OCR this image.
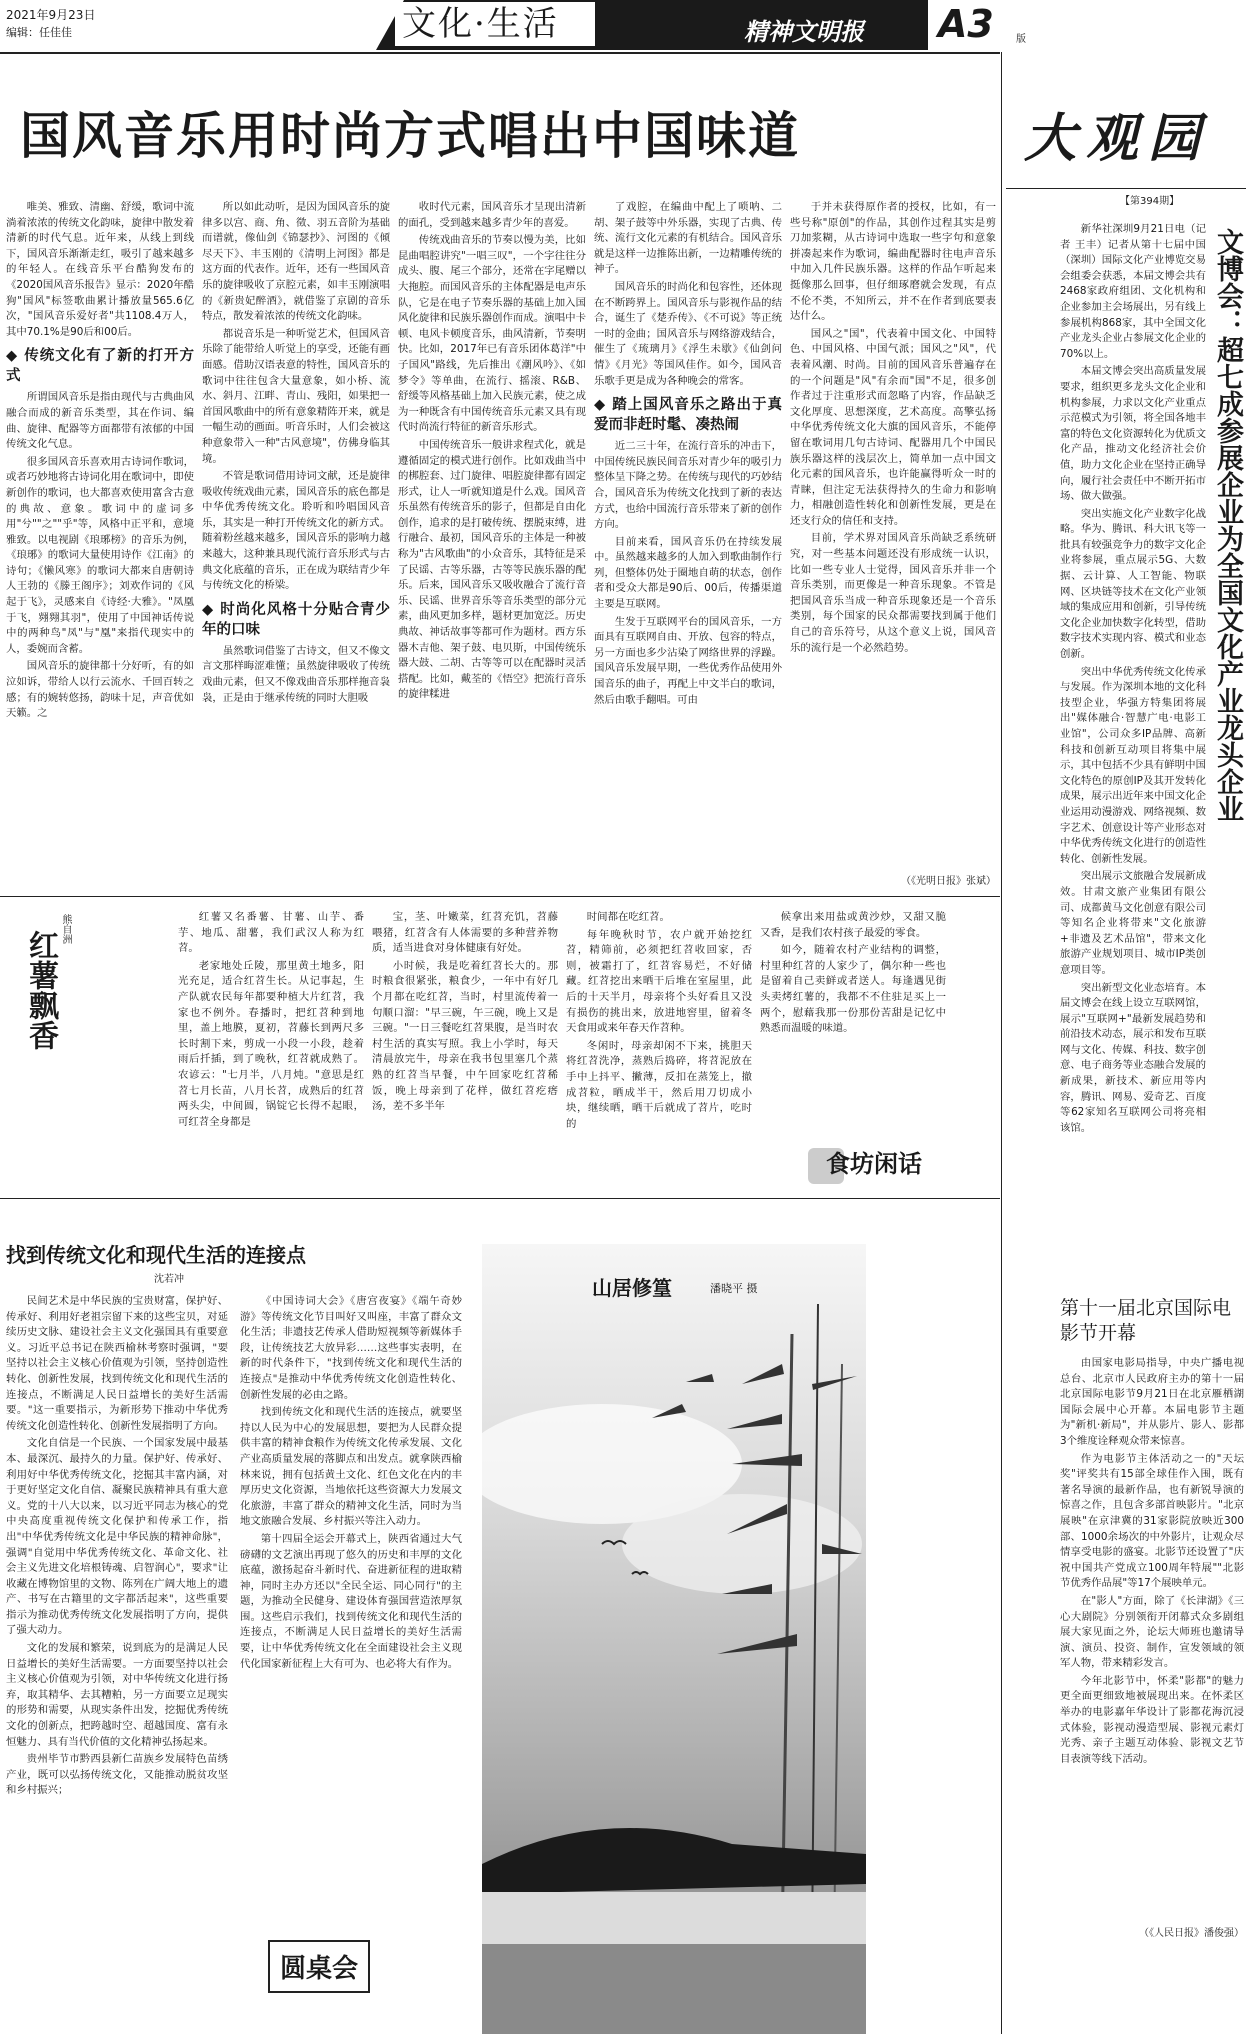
2021年9月23日
编辑：任佳佳	文化·生活	精神文明报 A3 版
大观园
【第394期】

新华社深圳9月21日电（记者 王丰）记者从第十七届中国（深圳）国际文化产业博览交易会组委会获悉，本届文博会共有2468家政府组团、文化机构和企业参加主会场展出，另有线上参展机构868家，其中全国文化产业龙头企业占参展文化企业的70%以上。

本届文博会突出高质量发展要求，组织更多龙头文化企业和机构参展，力求以文化产业重点示范模式为引领，将全国各地丰富的特色文化资源转化为优质文化产品，推动文化经济社会价值，助力文化企业在坚持正确导向，履行社会责任中不断开拓市场、做大做强。

突出实施文化产业数字化战略。华为、腾讯、科大讯飞等一批具有较强竞争力的数字文化企业将参展，重点展示5G、大数据、云计算、人工智能、物联网、区块链等技术在文化产业领域的集成应用和创新，引导传统文化企业加快数字化转型，借助数字技术实现内容、模式和业态创新。

突出中华优秀传统文化传承与发展。作为深圳本地的文化科技型企业，华强方特集团将展出"媒体融合·智慧广电·电影工业馆"，公司众多IP品牌、高新科技和创新互动项目将集中展示，其中包括不少具有鲜明中国文化特色的原创IP及其开发转化成果，展示出近年来中国文化企业运用动漫游戏、网络视频、数字艺术、创意设计等产业形态对中华优秀传统文化进行的创造性转化、创新性发展。

突出展示文旅融合发展新成效。甘肃文旅产业集团有限公司、成都黄马文化创意有限公司等知名企业将带来"文化旅游+非遗及艺术品馆"，带来文化旅游产业规划项目、城市IP类创意项目等。

突出新型文化业态培育。本届文博会在线上设立互联网馆，展示"互联网+"最新发展趋势和前沿技术动态，展示和发布互联网与文化、传媒、科技、数字创意、电子商务等业态融合发展的新成果，新技术、新应用等内容，腾讯、网易、爱奇艺、百度等62家知名互联网公司将亮相该馆。

文博会：超七成参展企业为全国文化产业龙头企业
第十一届北京国际电影节开幕

由国家电影局指导，中央广播电视总台、北京市人民政府主办的第十一届北京国际电影节9月21日在北京雁栖湖国际会展中心开幕。本届电影节主题为"新机·新局"，并从影片、影人、影都3个维度诠释观众带来惊喜。

作为电影节主体活动之一的"天坛奖"评奖共有15部全球佳作入围，既有著名导演的最新作品，也有新锐导演的惊喜之作，且包含多部首映影片。"北京展映"在京津冀的31家影院放映近300部、1000余场次的中外影片，让观众尽情享受电影的盛宴。北影节还设置了"庆祝中国共产党成立100周年特展""北影节优秀作品展"等17个展映单元。

在"影人"方面，除了《长津湖》《三心大剧院》分别领衔开闭幕式众多剧组展大家见面之外，论坛大师班也邀请导演、演员、投资、制作，宣发领域的领军人物，带来精彩发言。

今年北影节中，怀柔"影都"的魅力更全面更细致地被展现出来。在怀柔区举办的电影嘉年华设计了影都花海沉浸式体验，影视动漫造型展、影视元素灯光秀、亲子主题互动体验、影视文艺节目表演等线下活动。

（《人民日报》潘俊强）
国风音乐用时尚方式唱出中国味道

唯美、雅致、清幽、舒缓，歌词中流淌着浓浓的传统文化韵味，旋律中散发着清新的时代气息。近年来，从线上到线下，国风音乐渐渐走红，吸引了越来越多的年轻人。在线音乐平台酷狗发布的《2020国风音乐报告》显示：2020年酷狗"国风"标签歌曲累计播放量565.6亿次，"国风音乐爱好者"共1108.4万人，其中70.1%是90后和00后。

◆ 传统文化有了新的打开方式

所谓国风音乐是指由现代与古典曲风融合而成的新音乐类型，其在作词、编曲、旋律、配器等方面都带有浓郁的中国传统文化气息。

很多国风音乐喜欢用古诗词作歌词，或者巧妙地将古诗词化用在歌词中，即使新创作的歌词，也大都喜欢使用富含古意的典故、意象。歌词中的虚词多用"兮""之""乎"等，风格中正平和，意境雅致。以电视剧《琅琊榜》的音乐为例，《琅琊》的歌词大量使用诗作《江南》的诗句；《懒风寒》的歌词大都来自唐朝诗人王勃的《滕王阁序》；刘欢作词的《风起于飞》，灵感来自《诗经·大雅》。"凤凰于飞，翙翙其羽"，使用了中国神话传说中的两种鸟"凤"与"凰"来指代现实中的人，委婉而含蓄。

国风音乐的旋律都十分好听，有的如泣如诉，带给人以行云流水、千回百转之感；有的婉转悠扬，韵味十足，声音优如天籁。之

所以如此动听，是因为国风音乐的旋律多以宫、商、角、徵、羽五音阶为基础而谱就，像仙剑《锦瑟抄》、河图的《倾尽天下》、丰玉刚的《清明上河图》都是这方面的代表作。近年，还有一些国风音乐的旋律吸收了京腔元素，如丰玉刚演唱的《新贵妃醉酒》，就借鉴了京剧的音乐特点，散发着浓浓的传统文化韵味。

都说音乐是一种听觉艺术，但国风音乐除了能带给人听觉上的享受，还能有画面感。借助汉语表意的特性，国风音乐的歌词中往往包含大量意象，如小桥、流水、斜月、江畔、青山、残阳，如果把一首国风歌曲中的所有意象精阵开来，就是一幅生动的画面。听音乐时，人们会被这种意象带入一种"古风意境"，仿佛身临其境。

不管是歌词借用诗词文献，还是旋律吸收传统戏曲元素，国风音乐的底色都是中华优秀传统文化。聆听和吟唱国风音乐，其实是一种打开传统文化的新方式。随着粉丝越来越多，国风音乐的影响力越来越大，这种兼具现代流行音乐形式与古典文化底蕴的音乐，正在成为联结青少年与传统文化的桥梁。

◆ 时尚化风格十分贴合青少年的口味

虽然歌词借鉴了古诗文，但又不像文言文那样晦涩难懂；虽然旋律吸收了传统戏曲元素，但又不像戏曲音乐那样拖音袅袅，正是由于继承传统的同时大胆吸

收时代元素，国风音乐才呈现出清新的面孔，受到越来越多青少年的喜爱。

传统戏曲音乐的节奏以慢为美，比如昆曲唱腔讲究"一唱三叹"，一个字往往分成头、腹、尾三个部分，还常在字尾赠以大拖腔。而国风音乐的主体配器是电声乐队，它是在电子节奏乐器的基础上加入国风化旋律和民族乐器创作而成。演唱中卡顿、电风卡顿度音乐，曲风清新，节奏明快。比如，2017年已有音乐团体葛洋"中子国风"路线，先后推出《潮风吟》、《如梦令》等单曲，在流行、摇滚、R&B、舒缓等风格基础上加入民族元素，使之成为一种既含有中国传统音乐元素又具有现代时尚流行特征的新音乐形式。

中国传统音乐一般讲求程式化，就是遵循固定的模式进行创作。比如戏曲当中的梆腔套、过门旋律、唱腔旋律都有固定形式，让人一听就知道是什么戏。国风音乐虽然有传统音乐的影子，但都是自由化创作，追求的是打破传统、摆脱束缚，进行融合、最初，国风音乐的主体是一种被称为"古风歌曲"的小众音乐，其特征是采了民谣、古等乐器，古等等民族乐器的配乐。后来，国风音乐又吸收融合了流行音乐、民谣、世界音乐等音乐类型的部分元素，曲风更加多样，题材更加宽泛。历史典故、神话故事等都可作为题材。西方乐器木吉他、架子鼓、电贝斯，中国传统乐器大鼓、二胡、古等等可以在配器时灵活搭配。比如，戴荃的《悟空》把流行音乐的旋律糅进

了戏腔，在编曲中配上了唢呐、二胡、架子鼓等中外乐器，实现了古典、传统、流行文化元素的有机结合。国风音乐就是这样一边推陈出新，一边精雕传统的神子。

国风音乐的时尚化和包容性，还体现在不断跨界上。国风音乐与影视作品的结合，诞生了《楚乔传》、《不可说》等正统一时的金曲；国风音乐与网络游戏结合，催生了《琉璃月》《浮生未歇》《仙剑问情》《月光》等国风佳作。如今，国风音乐歌手更是成为各种晚会的常客。

◆ 踏上国风音乐之路出于真爱而非赶时髦、凑热闹

近二三十年，在流行音乐的冲击下，中国传统民族民间音乐对青少年的吸引力整体呈下降之势。在传统与现代的巧妙结合，国风音乐为传统文化找到了新的表达方式，也给中国流行音乐带来了新的创作方向。

目前来看，国风音乐仍在持续发展中。虽然越来越多的人加入到歌曲制作行列，但整体仍处于圈地自萌的状态，创作者和受众大都是90后、00后，传播渠道主要是互联网。

生发于互联网平台的国风音乐，一方面具有互联网自由、开放、包容的特点，另一方面也多少沾染了网络世界的浮躁。国风音乐发展早期，一些优秀作品使用外国音乐的曲子，再配上中文半白的歌词，然后由歌手翻唱。可由

于并未获得原作者的授权，比如，有一些号称"原创"的作品，其创作过程其实是剪刀加浆糊，从古诗词中选取一些字句和意象拼凑起来作为歌词，编曲配器时往电声音乐中加入几件民族乐器。这样的作品乍听起来挺像那么回事，但仔细琢磨就会发现，有点不伦不类，不知所云，并不在作者到底要表达什么。

国风之"国"，代表着中国文化、中国特色、中国风格、中国气派；国风之"风"，代表着风潮、时尚。目前的国风音乐普遍存在的一个问题是"风"有余而"国"不足，很多创作者过于注重形式而忽略了内容，作品缺乏文化厚度、思想深度，艺术高度。高擎弘扬中华优秀传统文化大旗的国风音乐，不能停留在歌词用几句古诗词、配器用几个中国民族乐器这样的浅层次上，简单加一点中国文化元素的国风音乐，也许能赢得听众一时的青睐，但注定无法获得持久的生命力和影响力，相融创造性转化和创新性发展，更是在还支行众的信任和支持。

目前，学术界对国风音乐尚缺乏系统研究，对一些基本问题还没有形成统一认识，比如一些专业人士觉得，国风音乐并非一个音乐类别，而更像是一种音乐现象。不管是把国风音乐当成一种音乐现象还是一个音乐类别，每个国家的民众都需要找到属于他们自己的音乐符号，从这个意义上说，国风音乐的流行是一个必然趋势。

（《光明日报》张斌）
熊自洲
红薯飘香

红薯又名番薯、甘薯、山芋、番芋、地瓜、甜薯，我们武汉人称为红苕。

老家地处丘陵，那里黄土地多，阳光充足，适合红苕生长。从记事起，生产队就农民每年都要种植大片红苕，我家也不例外。春播时，把红苕种到地里，盖上地膜，夏初，苕藤长到两尺多长时割下来，剪成一小段一小段，趁着雨后扦插，到了晚秋，红苕就成熟了。农谚云："七月半，八月炖。"意思是红苕七月长苗，八月长苕，成熟后的红苕两头尖，中间圆，锅锭它长得不起眼，可红苕全身都是

宝，茎、叶嫩菜，红苕充饥，苕藤喂猪，红苕含有人体需要的多种营养物质，适当进食对身体健康有好处。

小时候，我是吃着红苕长大的。那时粮食很紧张，粮食少，一年中有好几个月都在吃红苕，当时，村里流传着一句顺口溜："早三碗，午三碗，晚上又是三碗。"一日三餐吃红苕果腹，是当时农村生活的真实写照。我上小学时，每天清晨放完牛，母亲在我书包里塞几个蒸熟的红苕当早餐，中午回家吃红苕稀饭，晚上母亲到了花样，做红苕疙瘩汤，差不多半年

时间都在吃红苕。

每年晚秋时节，农户就开始挖红苕，精筛前，必须把红苕收回家，否则，被霜打了，红苕容易烂，不好储藏。红苕挖出来晒干后堆在室屋里，此后的十天半月，母亲将个头好看且又没有损伤的挑出来，放进地窖里，留着冬天食用或来年春天作苕种。

冬闲时，母亲却闲不下来，挑胆天将红苕洗净，蒸熟后捣碎，将苕泥放在手中上抖平、撇薄，反扣在蒸笼上，撤成苕粒，晒成半干，然后用刀切成小块，继续晒，晒干后就成了苕片，吃时的

候拿出来用盐或黄沙炒，又甜又脆又香，是我们农村孩子最爱的零食。

如今，随着农村产业结构的调整，村里种红苕的人家少了，偶尔种一些也是留着自己卖鲜或者送人。每逢遇见街头卖烤红薯的，我都不不住驻足买上一两个，慰藉我那一份那份苦甜是记忆中熟悉而温暖的味道。

食坊闲话
找到传统文化和现代生活的连接点
沈若冲

民间艺术是中华民族的宝贵财富，保护好、传承好、利用好老祖宗留下来的这些宝贝，对延续历史文脉、建设社会主义文化强国具有重要意义。习近平总书记在陕西榆林考察时强调，"要坚持以社会主义核心价值观为引领，坚持创造性转化、创新性发展，找到传统文化和现代生活的连接点，不断满足人民日益增长的美好生活需要。"这一重要指示，为新形势下推动中华优秀传统文化创造性转化、创新性发展指明了方向。

文化自信是一个民族、一个国家发展中最基本、最深沉、最持久的力量。保护好、传承好、利用好中华优秀传统文化，挖掘其丰富内涵，对于更好坚定文化自信、凝聚民族精神具有重大意义。党的十八大以来，以习近平同志为核心的党中央高度重视传统文化保护和传承工作，指出"中华优秀传统文化是中华民族的精神命脉"，强调"自觉用中华优秀传统文化、革命文化、社会主义先进文化培根铸魂、启智润心"，要求"让收藏在博物馆里的文物、陈列在广阔大地上的遗产、书写在古籍里的文字都活起来"，这些重要指示为推动优秀传统文化发展指明了方向，提供了强大动力。

文化的发展和繁荣，说到底为的是满足人民日益增长的美好生活需要。一方面要坚持以社会主义核心价值观为引领，对中华传统文化进行扬弃，取其精华、去其糟粕，另一方面要立足现实的形势和需要，从现实条件出发，挖掘优秀传统文化的创新点，把跨越时空、超越国度、富有永恒魅力、具有当代价值的文化精神弘扬起来。

贵州毕节市黔西县新仁苗族乡发展特色苗绣产业，既可以弘扬传统文化，又能推动脱贫攻坚和乡村振兴；

《中国诗词大会》《唐宫夜宴》《端午奇妙游》等传统文化节目叫好又叫座，丰富了群众文化生活；非遗技艺传承人借助短视频等新媒体手段，让传统技艺大放异彩……这些事实表明，在新的时代条件下，"找到传统文化和现代生活的连接点"是推动中华优秀传统文化创造性转化、创新性发展的必由之路。

找到传统文化和现代生活的连接点，就要坚持以人民为中心的发展思想，要把为人民群众提供丰富的精神食粮作为传统文化传承发展、文化产业高质量发展的落脚点和出发点。就拿陕西榆林来说，拥有包括黄土文化、红色文化在内的丰厚历史文化资源，当地依托这些资源大力发展文化旅游，丰富了群众的精神文化生活，同时为当地文旅融合发展、乡村振兴等注入动力。

第十四届全运会开幕式上，陕西省通过大气磅礴的文艺演出再现了悠久的历史和丰厚的文化底蕴，激扬起奋斗新时代、奋进新征程的进取精神，同时主办方还以"全民全运、同心同行"的主题，为推动全民健身、建设体育强国营造浓厚氛围。这些启示我们，找到传统文化和现代生活的连接点，不断满足人民日益增长的美好生活需要，让中华优秀传统文化在全面建设社会主义现代化国家新征程上大有可为、也必将大有作为。

圆桌会
山居修篁	潘晓平 摄
